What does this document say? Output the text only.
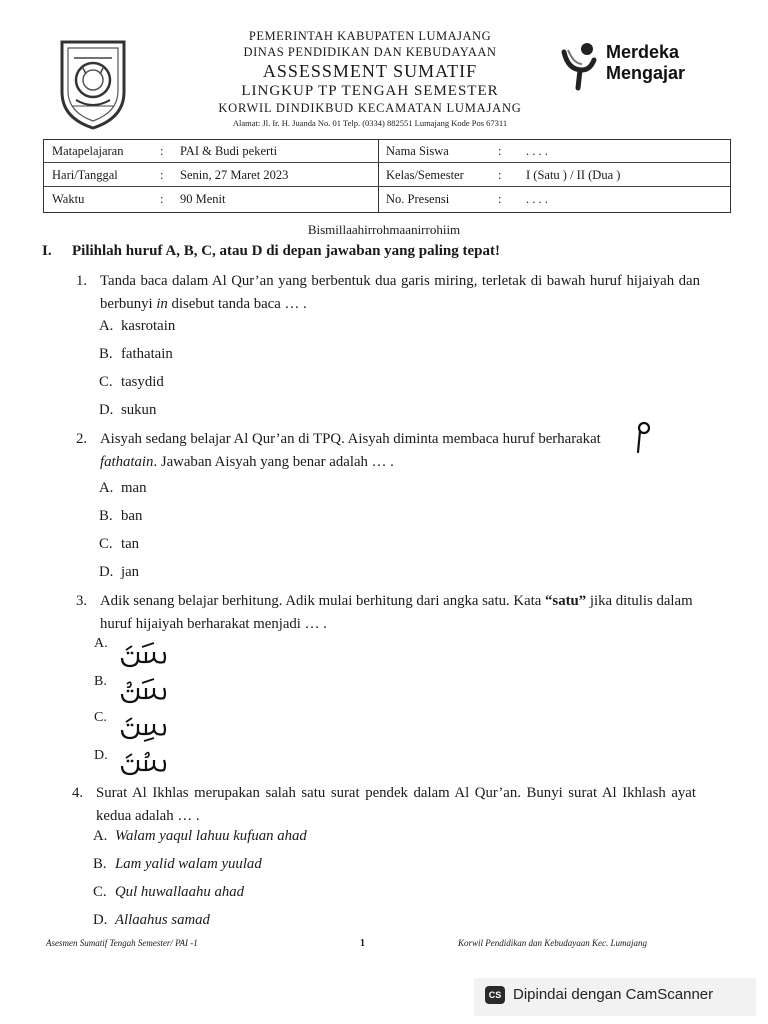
PEMERINTAH KABUPATEN LUMAJANG
DINAS PENDIDIKAN DAN KEBUDAYAAN
ASSESSMENT SUMATIF
LINGKUP TP TENGAH SEMESTER
KORWIL DINDIKBUD KECAMATAN LUMAJANG
Alamat: Jl. Ir. H. Juanda No. 01 Telp. (0334) 882551 Lumajang Kode Pos 67311
Merdeka
Mengajar
Matapelajaran	: PAI & Budi pekerti
Hari/Tanggal	: Senin, 27 Maret 2023
Waktu	: 90 Menit
Nama Siswa	: . . . .
Kelas/Semester	: I (Satu ) / II (Dua )
No. Presensi	: . . . .
Bismillaahirrohmaanirrohiim
I. Pilihlah huruf A, B, C, atau D di depan jawaban yang paling tepat!
1. Tanda baca dalam Al Qur’an yang berbentuk dua garis miring, terletak di bawah huruf hijaiyah dan berbunyi in disebut tanda baca … .
A. kasrotain
B. fathatain
C. tasydid
D. sukun
2. Aisyah sedang belajar Al Qur’an di TPQ. Aisyah diminta membaca huruf berharakat fathatain. Jawaban Aisyah yang benar adalah … .
A. man
B. ban
C. tan
D. jan
3. Adik senang belajar berhitung. Adik mulai berhitung dari angka satu. Kata “satu” jika ditulis dalam huruf hijaiyah berharakat menjadi … .
A.
B.
C.
D.
4. Surat Al Ikhlas merupakan salah satu surat pendek dalam Al Qur’an. Bunyi surat Al Ikhlash ayat kedua adalah … .
A. Walam yaqul lahuu kufuan ahad
B. Lam yalid walam yuulad
C. Qul huwallaahu ahad
D. Allaahus samad
Asesmen Sumatif Tengah Semester/ PAI -1	1	Korwil Pendidikan dan Kebudayaan Kec. Lumajang
CS Dipindai dengan CamScanner
